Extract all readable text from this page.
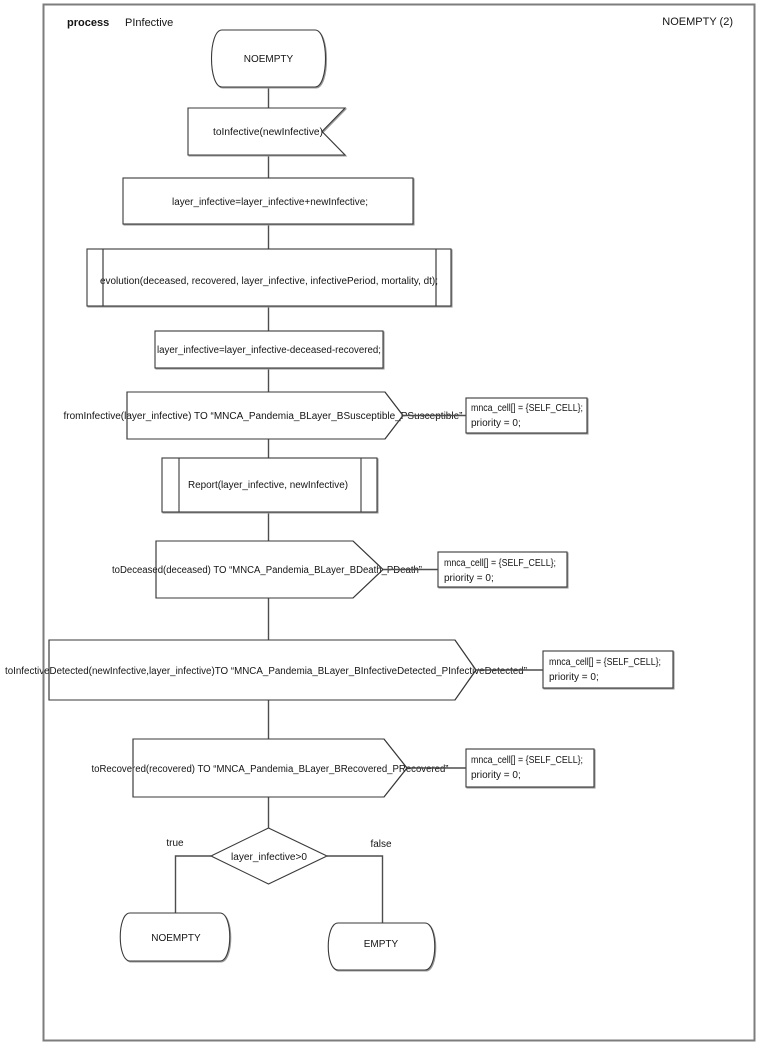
process PInfective	NOEMPTY (2)
NOEMPTY
toInfective(newInfective)
layer_infective=layer_infective+newInfective;
evolution(deceased, recovered, layer_infective, infectivePeriod, mortality, dt);
layer_infective=layer_infective-deceased-recovered;
fromInfective(layer_infective) TO “MNCA_Pandemia_BLayer_BSusceptible_PSusceptible”
Report(layer_infective, newInfective)
toDeceased(deceased) TO “MNCA_Pandemia_BLayer_BDeath_PDeath”
toInfectiveDetected(newInfective,layer_infective)TO “MNCA_Pandemia_BLayer_BInfectiveDetected_PInfectiveDetected”
toRecovered(recovered) TO “MNCA_Pandemia_BLayer_BRecovered_PRecovered”
layer_infective>0
true	false
NOEMPTY
EMPTY
mnca_cell[] = {SELF_CELL};
priority = 0;
mnca_cell[] = {SELF_CELL};
priority = 0;
mnca_cell[] = {SELF_CELL};
priority = 0;
mnca_cell[] = {SELF_CELL};
priority = 0;
